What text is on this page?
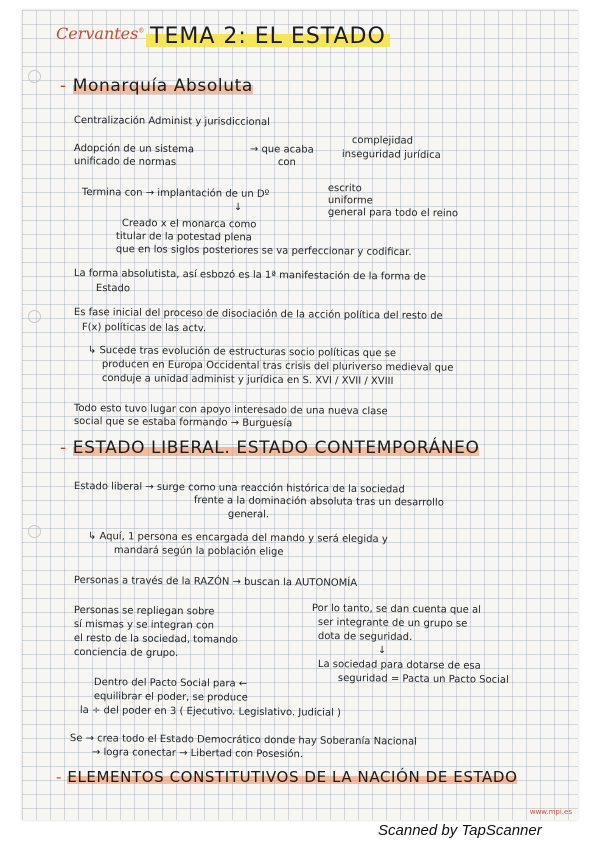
Cervantes® TEMA 2: EL ESTADO
- Monarquía Absoluta
Centralización Administ y jurisdiccional
Adopción de un sistema
unificado de normas
→ que acaba
con
complejidad
inseguridad jurídica
Termina con → implantación de un Dº	escrito
uniforme
general para todo el reino
↓
Creado x el monarca como
titular de la potestad plena
que en los siglos posteriores se va perfeccionar y codificar.
La forma absolutista, así esbozó es la 1ª manifestación de la forma de
Estado
Es fase inicial del proceso de disociación de la acción política del resto de
F(x) políticas de las actv.
↳ Sucede tras evolución de estructuras socio políticas que se
producen en Europa Occidental tras crisis del pluriverso medieval que
conduje a unidad administ y jurídica en S. XVI / XVII / XVIII
Todo esto tuvo lugar con apoyo interesado de una nueva clase
social que se estaba formando → Burguesía
- ESTADO LIBERAL. ESTADO CONTEMPORÁNEO
Estado liberal → surge como una reacción histórica de la sociedad
frente a la dominación absoluta tras un desarrollo
general.
↳ Aquí, 1 persona es encargada del mando y será elegida y
mandará según la población elige
Personas a través de la RAZÓN → buscan la AUTONOMÍA
Personas se repliegan sobre
sí mismas y se integran con
el resto de la sociedad, tomando
conciencia de grupo.
Por lo tanto, se dan cuenta que al
ser integrante de un grupo se
dota de seguridad.
↓
La sociedad para dotarse de esa
seguridad = Pacta un Pacto Social
Dentro del Pacto Social para ←
equilibrar el poder, se produce
la ÷ del poder en 3 ( Ejecutivo. Legislativo. Judicial )
Se → crea todo el Estado Democrático donde hay Soberanía Nacional
→ logra conectar → Libertad con Posesión.
- ELEMENTOS CONSTITUTIVOS DE LA NACIÓN DE ESTADO
www.mpi.es
Scanned by TapScanner
